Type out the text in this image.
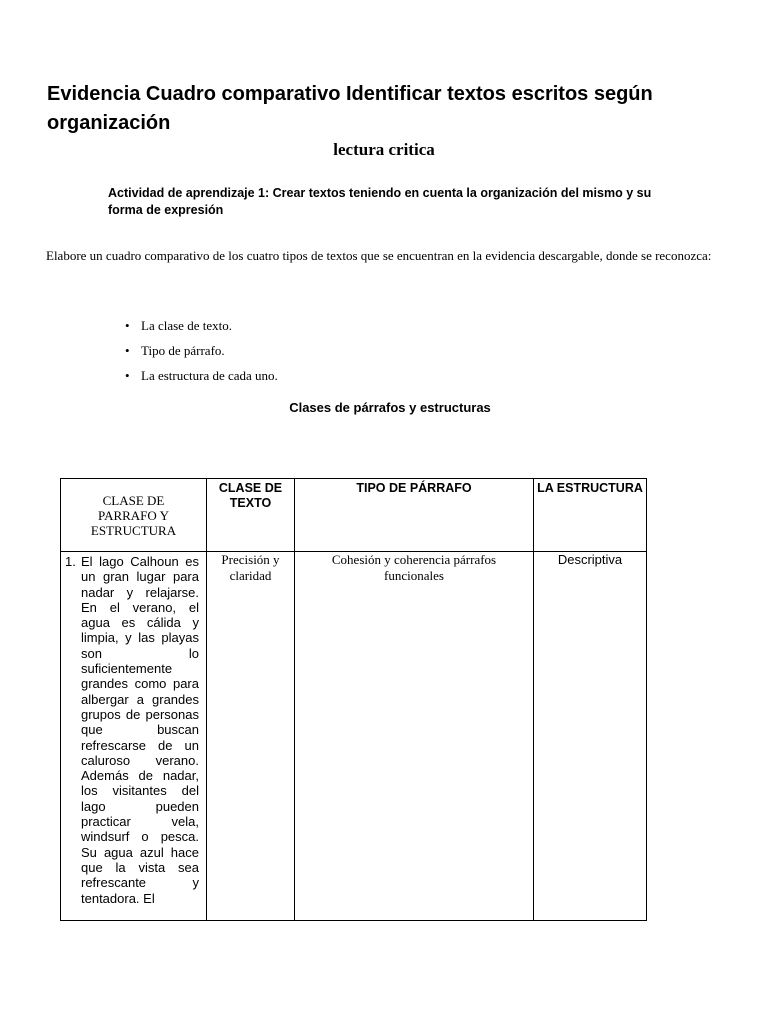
Evidencia Cuadro comparativo Identificar textos escritos según organización

lectura critica

Actividad de aprendizaje 1: Crear textos teniendo en cuenta la organización del mismo y su forma de expresión

Elabore un cuadro comparativo de los cuatro tipos de textos que se encuentran en la evidencia descargable, donde se reconozca:

• La clase de texto.
• Tipo de párrafo.
• La estructura de cada uno.

Clases de párrafos y estructuras

CLASE DE PARRAFO Y ESTRUCTURA	CLASE DE TEXTO	TIPO DE PÁRRAFO	LA ESTRUCTURA

1. El lago Calhoun es un gran lugar para nadar y relajarse. En el verano, el agua es cálida y limpia, y las playas son lo suficientemente grandes como para albergar a grandes grupos de personas que buscan refrescarse de un caluroso verano. Además de nadar, los visitantes del lago pueden practicar vela, windsurf o pesca. Su agua azul hace que la vista sea refrescante y tentadora. El	Precisión y claridad	Cohesión y coherencia párrafos funcionales	Descriptiva
